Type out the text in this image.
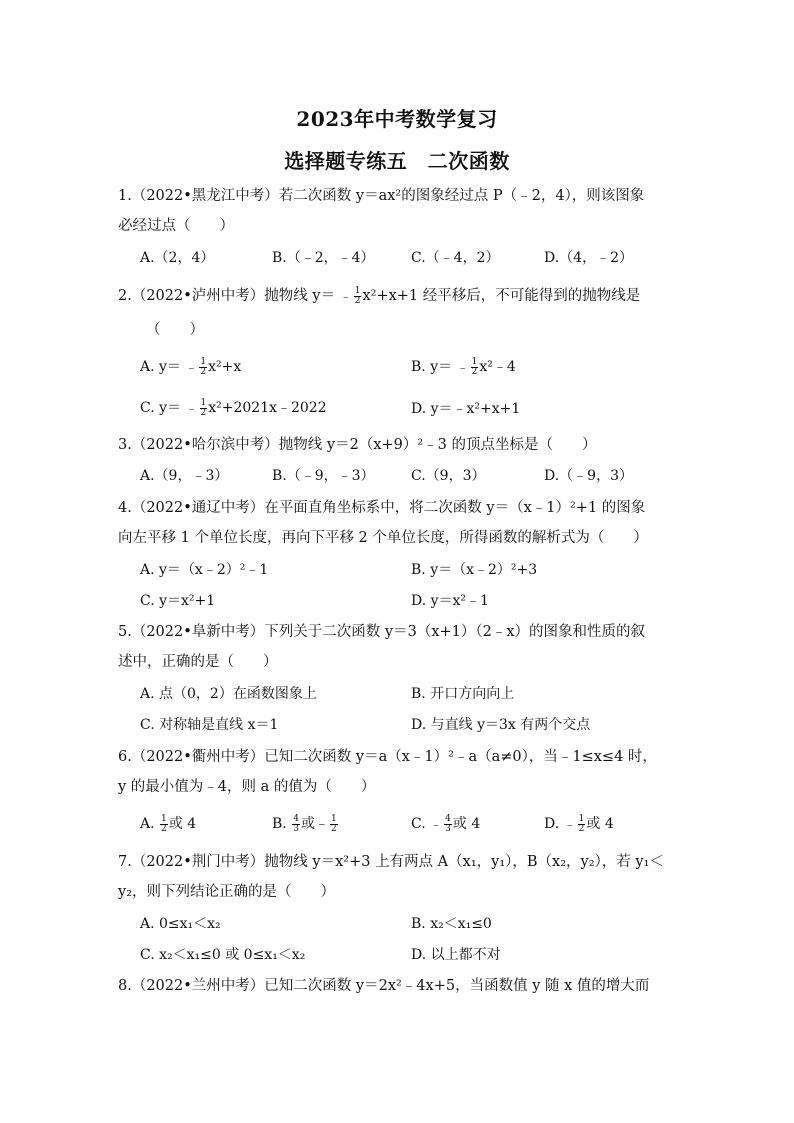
2023年中考数学复习
选择题专练五　二次函数
1.（2022•黑龙江中考）若二次函数 y＝ax²的图象经过点 P（﹣2，4），则该图象
必经过点（　　）
A.（2，4）	B.（﹣2，﹣4）	C.（﹣4，2）	D.（4，﹣2）
2.（2022•泸州中考）抛物线 y＝ ﹣ $\frac{1}{2} x^2+x+1$ 经平移后，不可能得到的抛物线是
（　　）
A. y＝ ﹣ $\frac{1}{2} x^2+x$	B. y＝ ﹣ $\frac{1}{2}$ x²﹣4
C. y＝ ﹣ $\frac{1}{2}$ x²+2021x﹣2022	D. y＝﹣x²+x+1
3.（2022•哈尔滨中考）抛物线 y＝2（x+9）²﹣3 的顶点坐标是（　　）
A.（9，﹣3）	B.（﹣9，﹣3）	C.（9，3）	D.（﹣9，3）
4.（2022•通辽中考）在平面直角坐标系中，将二次函数 y＝（x﹣1）²+1 的图象
向左平移 1 个单位长度，再向下平移 2 个单位长度，所得函数的解析式为（　　）
A. y＝（x﹣2）²﹣1	B. y＝（x﹣2）²+3
C. y＝x²+1	D. y＝x²﹣1
5.（2022•阜新中考）下列关于二次函数 y＝3（x+1）（2﹣x）的图象和性质的叙
述中，正确的是（　　）
A. 点（0，2）在函数图象上	B. 开口方向向上
C. 对称轴是直线 x＝1	D. 与直线 y＝3x 有两个交点
6.（2022•衢州中考）已知二次函数 y＝a（x﹣1）²﹣a（a≠0），当﹣1≤x≤4 时，
y 的最小值为﹣4，则 a 的值为（　　）
A. $\frac{1}{2}$ 或 4	B. $\frac{4}{3}$ 或﹣ $\frac{1}{2}$	C. ﹣ $\frac{4}{3}$ 或 4	D. ﹣ $\frac{1}{2}$ 或 4
7.（2022•荆门中考）抛物线 y＝x²+3 上有两点 A（x₁，y₁），B（x₂，y₂），若 y₁＜
y₂，则下列结论正确的是（　　）
A. 0≤x₁＜x₂	B. x₂＜x₁≤0
C. x₂＜x₁≤0 或 0≤x₁＜x₂	D. 以上都不对
8.（2022•兰州中考）已知二次函数 y＝2x²﹣4x+5，当函数值 y 随 x 值的增大而
